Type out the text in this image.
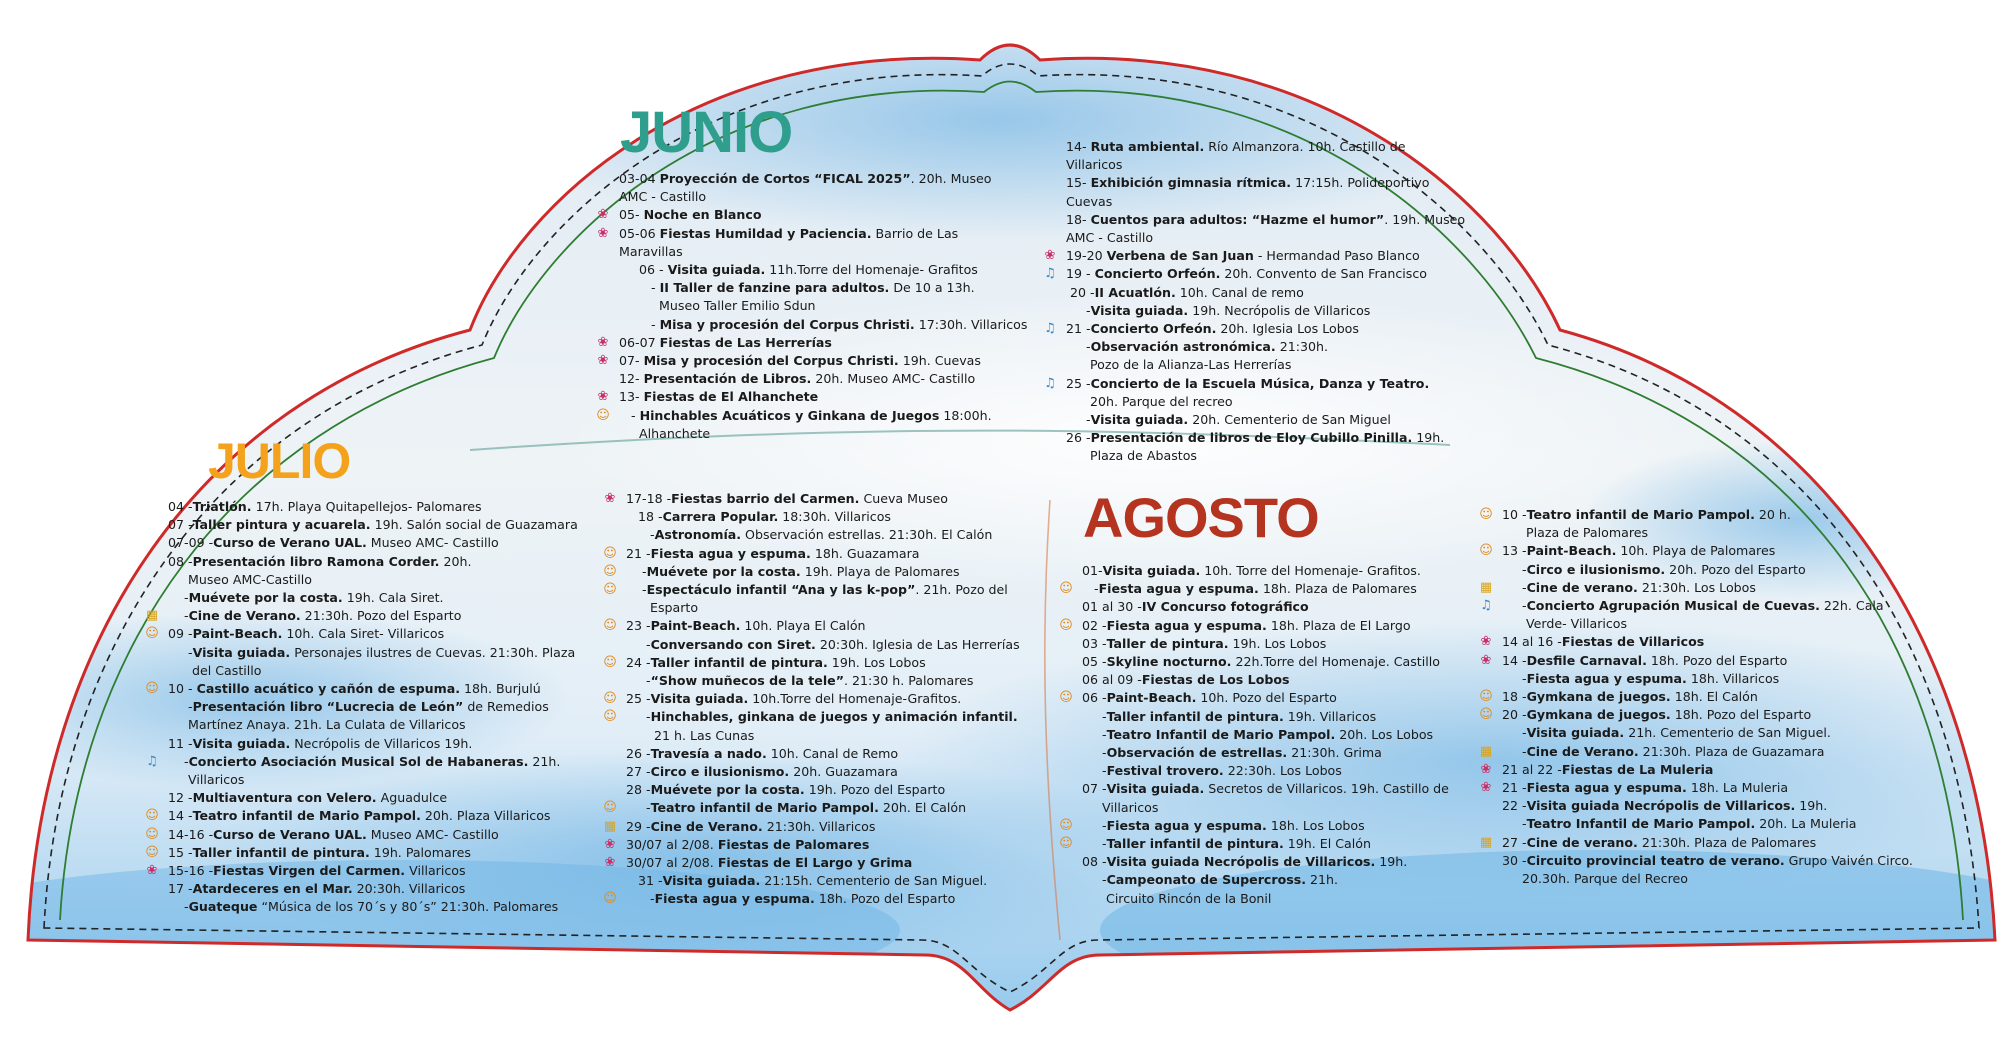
JUNIO
JULIO
AGOSTO
03-04 Proyección de Cortos “FICAL 2025”. 20h. Museo
AMC - Castillo
05- Noche en Blanco
❀
05-06 Fiestas Humildad y Paciencia. Barrio de Las
Maravillas
❀
06 - Visita guiada. 11h.Torre del Homenaje- Grafitos
- II Taller de fanzine para adultos. De 10 a 13h.
Museo Taller Emilio Sdun
- Misa y procesión del Corpus Christi. 17:30h. Villaricos
06-07 Fiestas de Las Herrerías
❀
07- Misa y procesión del Corpus Christi. 19h. Cuevas
❀
12- Presentación de Libros. 20h. Museo AMC- Castillo
13- Fiestas de El Alhanchete
❀
- Hinchables Acuáticos y Ginkana de Juegos 18:00h.
Alhanchete
☺
14- Ruta ambiental. Río Almanzora. 10h. Castillo de
Villaricos
15- Exhibición gimnasia rítmica. 17:15h. Polideportivo
Cuevas
18- Cuentos para adultos: “Hazme el humor”. 19h. Museo
AMC - Castillo
19-20 Verbena de San Juan - Hermandad Paso Blanco
❀
19 - Concierto Orfeón. 20h. Convento de San Francisco
♫
20 -II Acuatlón. 10h. Canal de remo
-Visita guiada. 19h. Necrópolis de Villaricos
21 -Concierto Orfeón. 20h. Iglesia Los Lobos
♫
-Observación astronómica. 21:30h.
Pozo de la Alianza-Las Herrerías
25 -Concierto de la Escuela Música, Danza y Teatro.
20h. Parque del recreo
♫
-Visita guiada. 20h. Cementerio de San Miguel
26 -Presentación de libros de Eloy Cubillo Pinilla. 19h.
Plaza de Abastos
04 -Triatlón. 17h. Playa Quitapellejos- Palomares
07 -Taller pintura y acuarela. 19h. Salón social de Guazamara
07-09 -Curso de Verano UAL. Museo AMC- Castillo
08 -Presentación libro Ramona Corder. 20h.
Museo AMC-Castillo
-Muévete por la costa. 19h. Cala Siret.
-Cine de Verano. 21:30h. Pozo del Esparto
▦
09 -Paint-Beach. 10h. Cala Siret- Villaricos
☺
-Visita guiada. Personajes ilustres de Cuevas. 21:30h. Plaza
del Castillo
10 - Castillo acuático y cañón de espuma. 18h. Burjulú
☺
-Presentación libro “Lucrecia de León” de Remedios
Martínez Anaya. 21h. La Culata de Villaricos
11 -Visita guiada. Necrópolis de Villaricos 19h.
-Concierto Asociación Musical Sol de Habaneras. 21h.
Villaricos
♫
12 -Multiaventura con Velero. Aguadulce
14 -Teatro infantil de Mario Pampol. 20h. Plaza Villaricos
☺
14-16 -Curso de Verano UAL. Museo AMC- Castillo
☺
15 -Taller infantil de pintura. 19h. Palomares
☺
15-16 -Fiestas Virgen del Carmen. Villaricos
❀
17 -Atardeceres en el Mar. 20:30h. Villaricos
-Guateque “Música de los 70´s y 80´s” 21:30h. Palomares
17-18 -Fiestas barrio del Carmen. Cueva Museo
❀
18 -Carrera Popular. 18:30h. Villaricos
-Astronomía. Observación estrellas. 21:30h. El Calón
21 -Fiesta agua y espuma. 18h. Guazamara
☺
-Muévete por la costa. 19h. Playa de Palomares
☺
-Espectáculo infantil “Ana y las k-pop”. 21h. Pozo del
Esparto
☺
23 -Paint-Beach. 10h. Playa El Calón
☺
-Conversando con Siret. 20:30h. Iglesia de Las Herrerías
24 -Taller infantil de pintura. 19h. Los Lobos
☺
-“Show muñecos de la tele”. 21:30 h. Palomares
25 -Visita guiada. 10h.Torre del Homenaje-Grafitos.
☺
-Hinchables, ginkana de juegos y animación infantil.
21 h. Las Cunas
☺
26 -Travesía a nado. 10h. Canal de Remo
27 -Circo e ilusionismo. 20h. Guazamara
28 -Muévete por la costa. 19h. Pozo del Esparto
-Teatro infantil de Mario Pampol. 20h. El Calón
☺
29 -Cine de Verano. 21:30h. Villaricos
▦
30/07 al 2/08. Fiestas de Palomares
❀
30/07 al 2/08. Fiestas de El Largo y Grima
❀
31 -Visita guiada. 21:15h. Cementerio de San Miguel.
-Fiesta agua y espuma. 18h. Pozo del Esparto
☺
01-Visita guiada. 10h. Torre del Homenaje- Grafitos.
-Fiesta agua y espuma. 18h. Plaza de Palomares
☺
01 al 30 -IV Concurso fotográfico
02 -Fiesta agua y espuma. 18h. Plaza de El Largo
☺
03 -Taller de pintura. 19h. Los Lobos
05 -Skyline nocturno. 22h.Torre del Homenaje. Castillo
06 al 09 -Fiestas de Los Lobos
06 -Paint-Beach. 10h. Pozo del Esparto
☺
-Taller infantil de pintura. 19h. Villaricos
-Teatro Infantil de Mario Pampol. 20h. Los Lobos
-Observación de estrellas. 21:30h. Grima
-Festival trovero. 22:30h. Los Lobos
07 -Visita guiada. Secretos de Villaricos. 19h. Castillo de
Villaricos
-Fiesta agua y espuma. 18h. Los Lobos
☺
-Taller infantil de pintura. 19h. El Calón
☺
08 -Visita guiada Necrópolis de Villaricos. 19h.
-Campeonato de Supercross. 21h.
Circuito Rincón de la Bonil
10 -Teatro infantil de Mario Pampol. 20 h.
Plaza de Palomares
☺
13 -Paint-Beach. 10h. Playa de Palomares
☺
-Circo e ilusionismo. 20h. Pozo del Esparto
-Cine de verano. 21:30h. Los Lobos
▦
-Concierto Agrupación Musical de Cuevas. 22h. Cala
Verde- Villaricos
♫
14 al 16 -Fiestas de Villaricos
❀
14 -Desfile Carnaval. 18h. Pozo del Esparto
❀
-Fiesta agua y espuma. 18h. Villaricos
18 -Gymkana de juegos. 18h. El Calón
☺
20 -Gymkana de juegos. 18h. Pozo del Esparto
☺
-Visita guiada. 21h. Cementerio de San Miguel.
-Cine de Verano. 21:30h. Plaza de Guazamara
▦
21 al 22 -Fiestas de La Muleria
❀
21 -Fiesta agua y espuma. 18h. La Muleria
❀
22 -Visita guiada Necrópolis de Villaricos. 19h.
-Teatro Infantil de Mario Pampol. 20h. La Muleria
27 -Cine de verano. 21:30h. Plaza de Palomares
▦
30 -Circuito provincial teatro de verano. Grupo Vaivén Circo.
20.30h. Parque del Recreo
